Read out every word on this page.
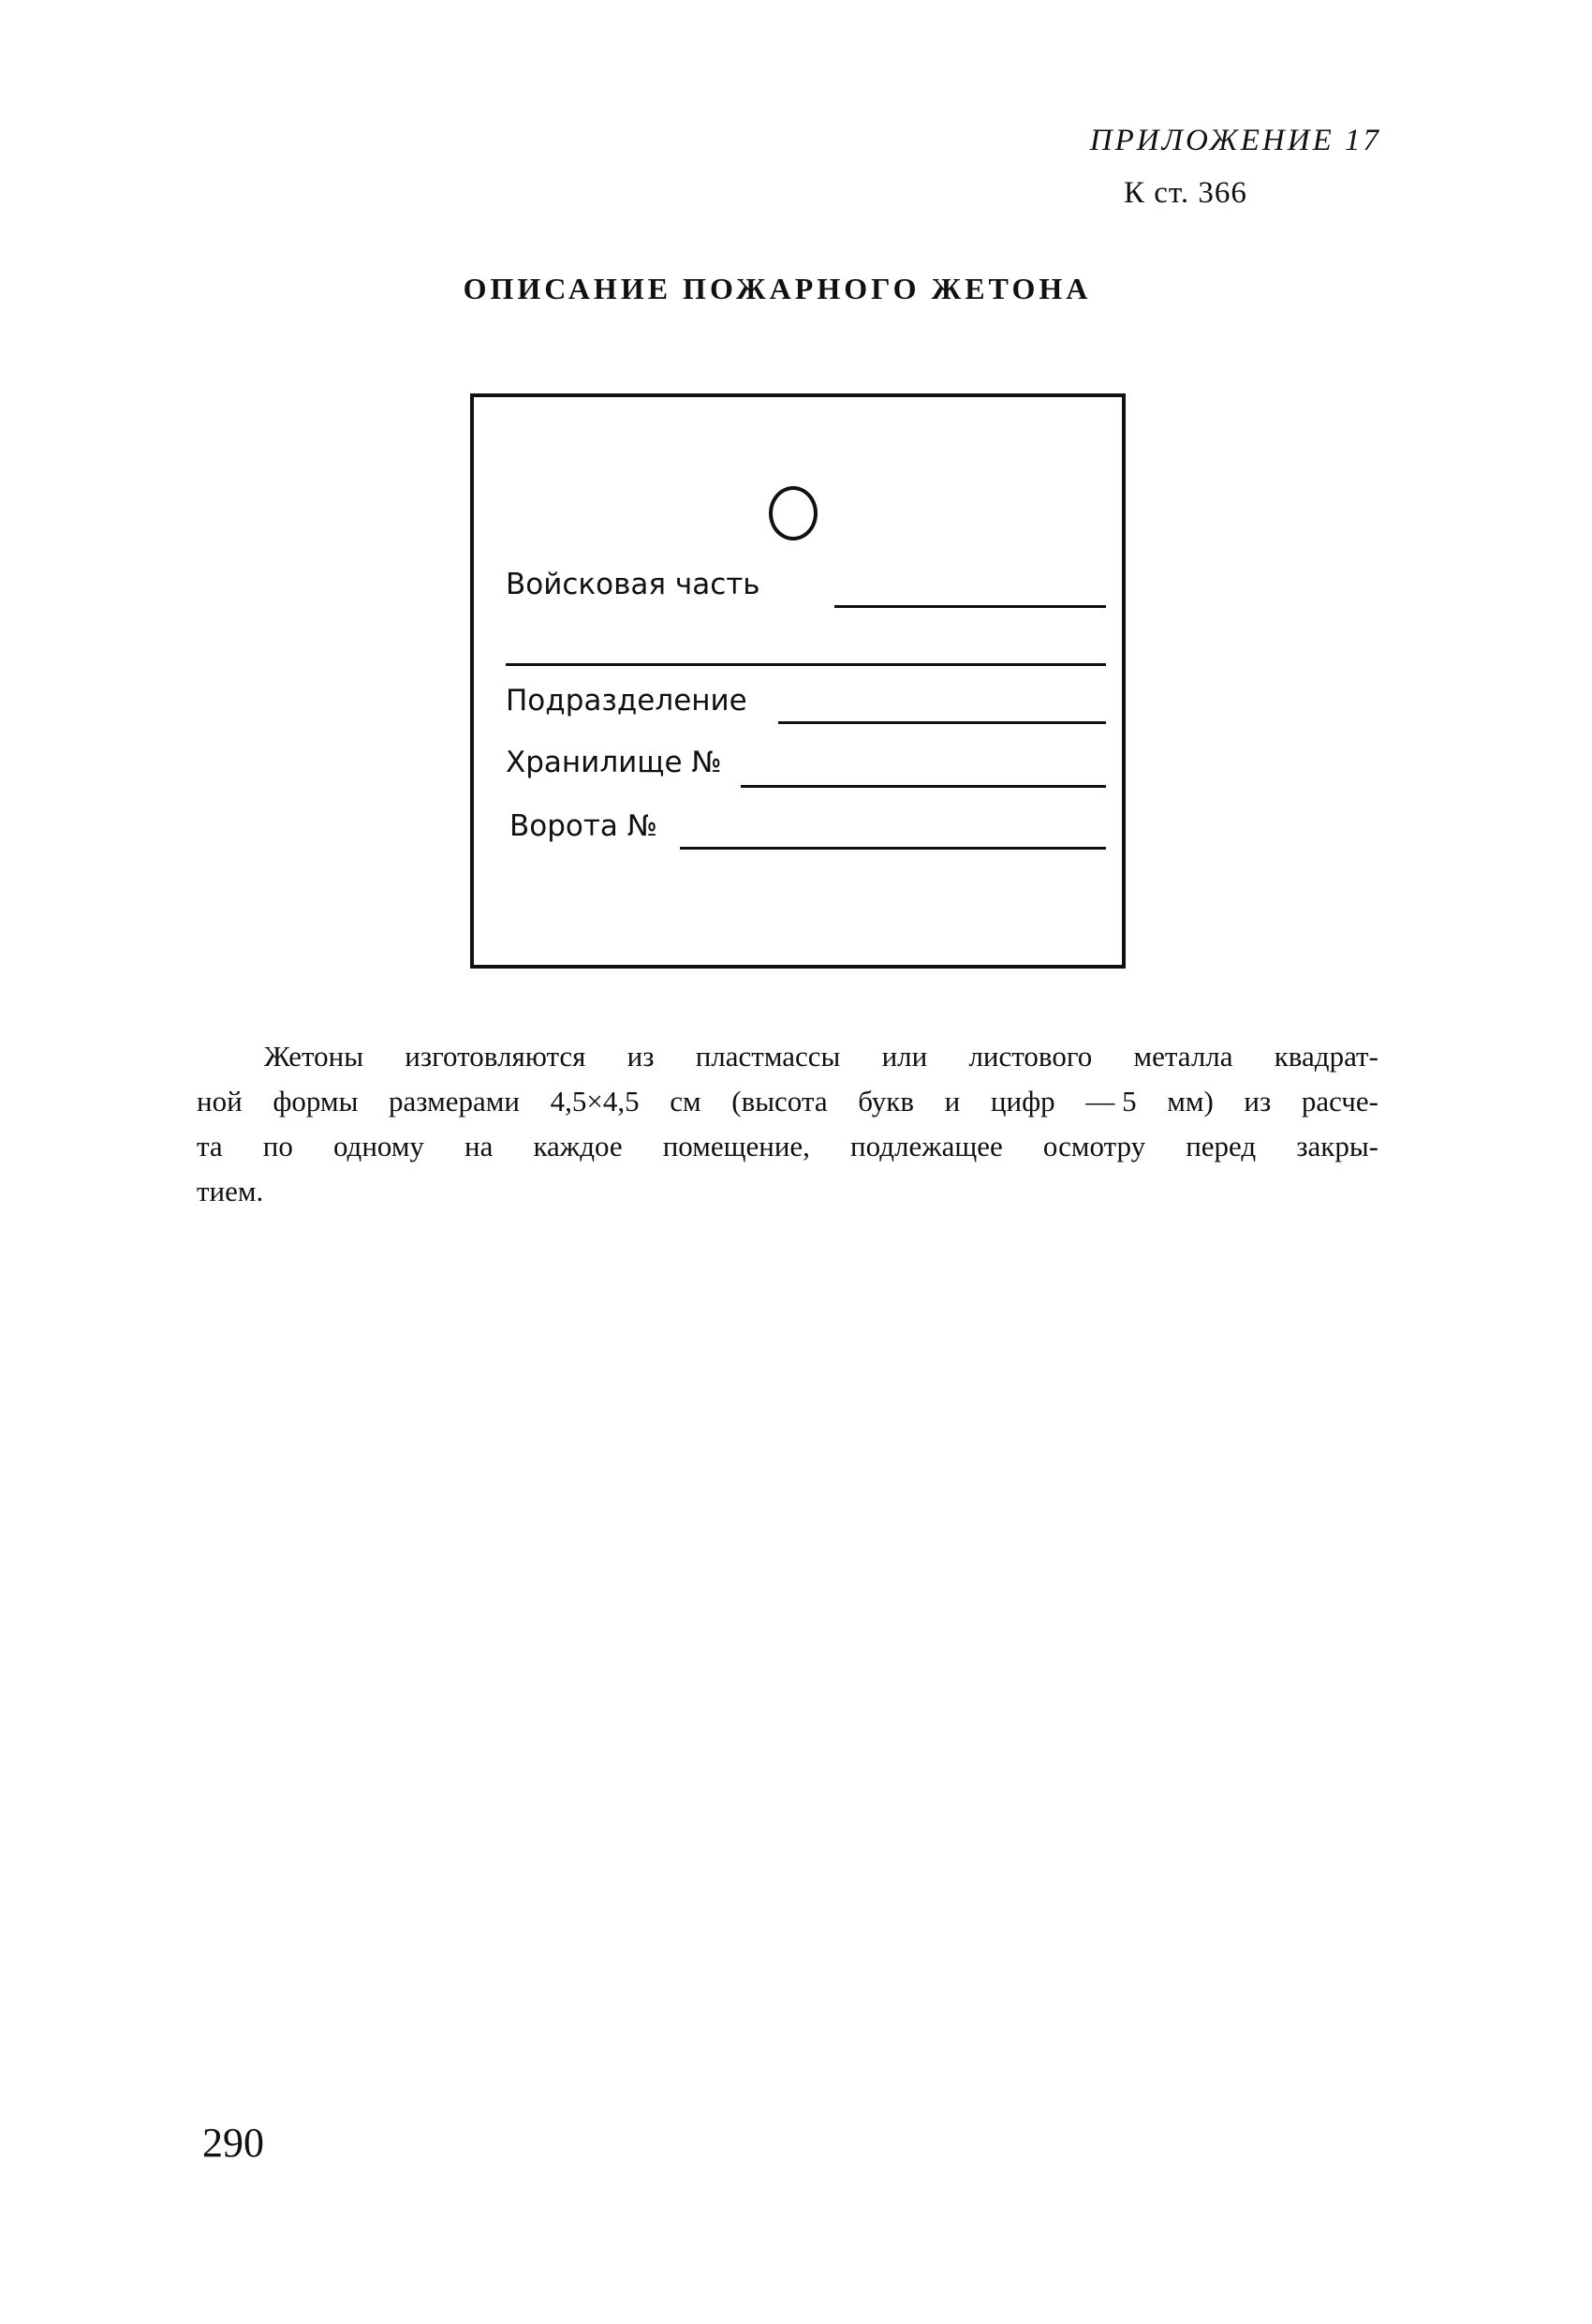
ПРИЛОЖЕНИЕ 17
К ст. 366
ОПИСАНИЕ ПОЖАРНОГО ЖЕТОНА
Войсковая часть
Подразделение
Хранилище №
Ворота №
Жетоны изготовляются из пластмассы или листового металла квадрат-
ной формы размерами 4,5×4,5 см (высота букв и цифр — 5 мм) из расче-
та по одному на каждое помещение, подлежащее осмотру перед закры-
тием.
290
